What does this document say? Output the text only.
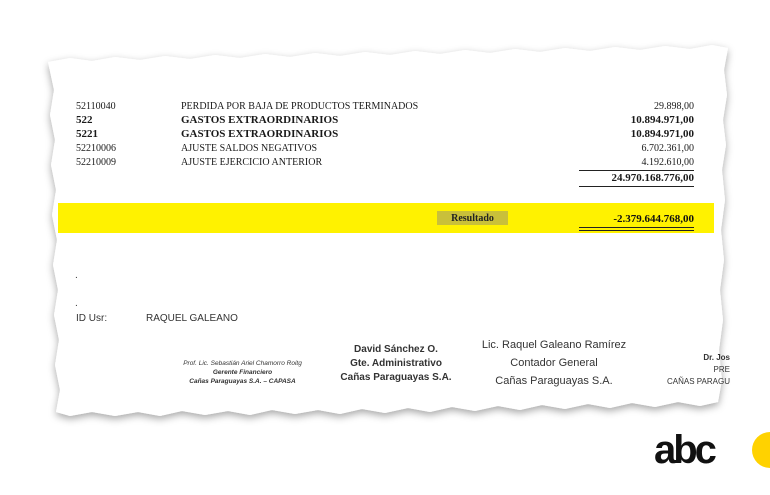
52110040	PERDIDA POR BAJA DE PRODUCTOS TERMINADOS	29.898,00
522	GASTOS EXTRAORDINARIOS	10.894.971,00
5221	GASTOS EXTRAORDINARIOS	10.894.971,00
52210006	AJUSTE SALDOS NEGATIVOS	6.702.361,00
52210009	AJUSTE EJERCICIO ANTERIOR	4.192.610,00
24.970.168.776,00
Resultado	-2.379.644.768,00
.
.
ID Usr:	RAQUEL GALEANO
Prof. Lic. Sebastián Ariel Chamorro Roitg
Gerente Financiero
Cañas Paraguayas S.A. – CAPASA
David Sánchez O.
Gte. Administrativo
Cañas Paraguayas S.A.
Lic. Raquel Galeano Ramírez
Contador General
Cañas Paraguayas S.A.
Dr. Jos
PRE
CAÑAS PARAGU
abc
